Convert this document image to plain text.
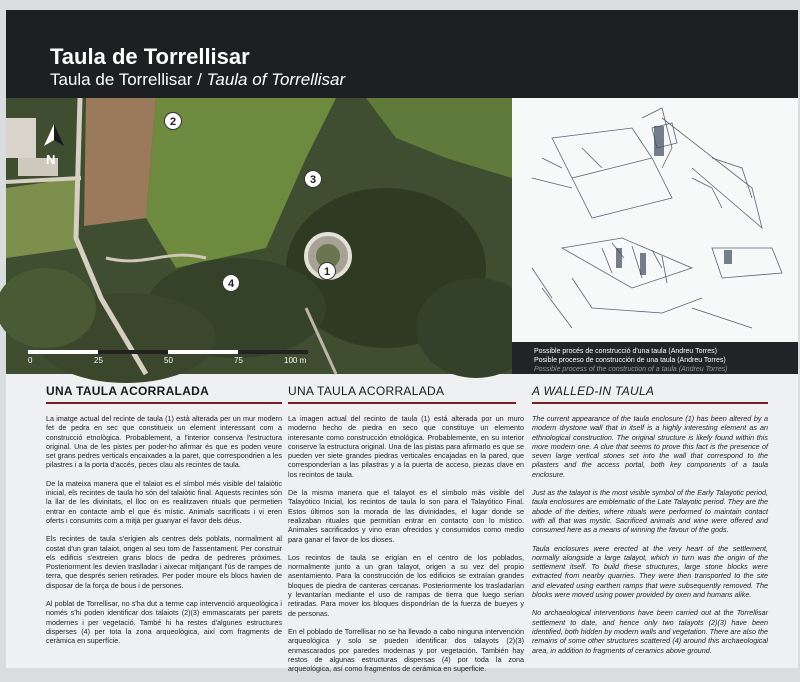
Taula de Torrellisar
Taula de Torrellisar / Taula of Torrellisar
2
3
4
1
N
0	25	50	75	100 m
Possible procés de construcció d'una taula (Andreu Torres)
Posible proceso de construcción de una taula (Andreu Torres)
Possible process of the construction of a taula (Andreu Torres)
UNA TAULA ACORRALADA

La imatge actual del recinte de taula (1) està alterada per un mur modern fet de pedra en sec que constitueix un element interessant com a construcció etnològica. Probablement, a l'interior conserva l'estructura original. Una de les pistes per poder-ho afirmar és que es poden veure set grans pedres verticals encaixades a la paret, que correspondrien a les pilastres i a la porta d'accés, peces clau als recintes de taula.

De la mateixa manera que el talaiot es el símbol més visible del talaiòtic inicial, els recintes de taula ho són del talaiòtic final. Aquests recintes són la llar de les divinitats, el lloc on es realitzaven rituals que permetien entrar en contacte amb el que és místic. Animals sacrificats i vi eren oferts i consumits com a mitjà per guanyar el favor dels déus.

Els recintes de taula s'erigien als centres dels poblats, normalment al costat d'un gran talaiot, origen al seu torn de l'assentament. Per construir els edificis s'extreien grans blocs de pedra de pedreres pròximes. Posteriorment les devien traslladar i aixecar mitjançant l'ús de rampes de terra, que després serien retirades. Per poder moure els blocs havien de disposar de la força de bous i de persones.

Al poblat de Torrellisar, no s'ha dut a terme cap intervenció arqueològica i només s'hi poden identificar dos talaiots (2)(3) emmascarats per parets modernes i per vegetació. També hi ha restes d'algunes estructures disperses (4) per tota la zona arqueològica, així com fragments de ceràmica en superfície.

UNA TAULA ACORRALADA

La imagen actual del recinto de taula (1) está alterada por un muro moderno hecho de piedra en seco que constituye un elemento interesante como construcción etnológica. Probablemente, en su interior conserve la estructura original. Una de las pistas para afirmarlo es que se pueden ver siete grandes piedras verticales encajadas en la pared, que corresponderían a las pilastras y a la puerta de acceso, piezas clave en los recintos de taula.

De la misma manera que el talayot es el símbolo más visible del Talayótico Inicial, los recintos de taula lo son para el Talayótico Final. Estos últimos son la morada de las divinidades, el lugar donde se realizaban rituales que permitían entrar en contacto con lo místico. Animales sacrificados y vino eran ofrecidos y consumidos como medio para ganar el favor de los dioses.

Los recintos de taula se erigían en el centro de los poblados, normalmente junto a un gran talayot, origen a su vez del propio asentamiento. Para la construcción de los edificios se extraían grandes bloques de piedra de canteras cercanas. Posteriormente los trasladarían y levantarían mediante el uso de rampas de tierra que luego serían retiradas. Para mover los bloques dispondrían de la fuerza de bueyes y de personas.

En el poblado de Torrellisar no se ha llevado a cabo ninguna intervención arqueológica y solo se pueden identificar dos talayots (2)(3) enmascarados por paredes modernas y por vegetación. También hay restos de algunas estructuras dispersas (4) por toda la zona arqueológica, así como fragmentos de cerámica en superficie.

A WALLED-IN TAULA

The current appearance of the taula enclosure (1) has been altered by a modern drystone wall that in itself is a highly interesting element as an ethnological construction. The original structure is likely found within this more modern one. A clue that seems to prove this fact is the presence of seven large vertical stones set into the wall that correspond to the pilasters and the access portal, both key components of a taula enclosure.

Just as the talayot is the most visible symbol of the Early Talayotic period, taula enclosures are emblematic of the Late Talayotic period. They are the abode of the deities, where rituals were performed to maintain contact with all that was mystic. Sacrificed animals and wine were offered and consumed here as a means of winning the favour of the gods.

Taula enclosures were erected at the very heart of the settlement, normally alongside a large talayot, which in turn was the origin of the settlement itself. To build these structures, large stone blocks were extracted from nearby quarries. They were then transported to the site and elevated using earthen ramps that were subsequently removed. The blocks were moved using power provided by oxen and humans alike.

No archaeological interventions have been carried out at the Torrellisar settlement to date, and hence only two talayots (2)(3) have been identified, both hidden by modern walls and vegetation. There are also the remains of some other structures scattered (4) around this archaeological area, in addition to fragments of ceramics above ground.
